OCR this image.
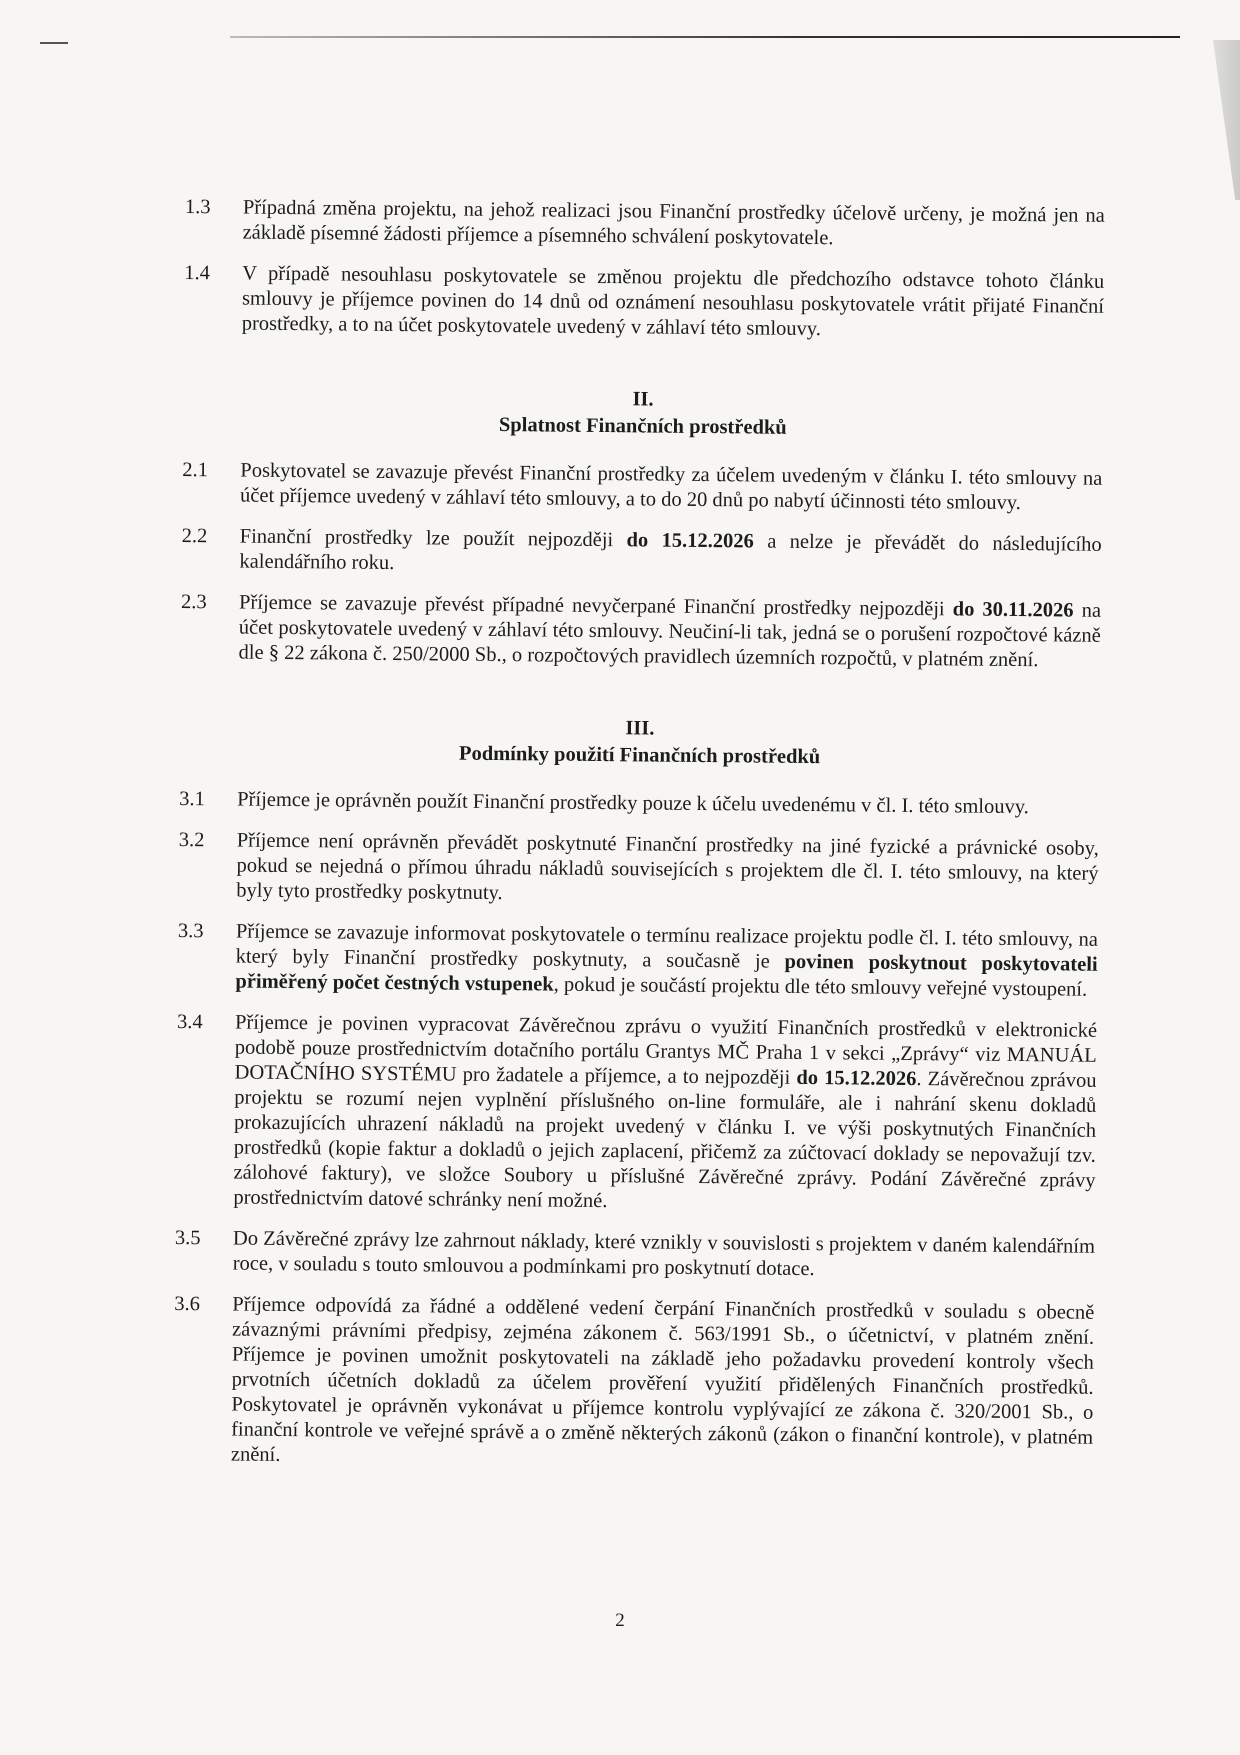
1.3	Případná změna projektu, na jehož realizaci jsou Finanční prostředky účelově určeny, je možná jen na základě písemné žádosti příjemce a písemného schválení poskytovatele.
1.4	V případě nesouhlasu poskytovatele se změnou projektu dle předchozího odstavce tohoto článku smlouvy je příjemce povinen do 14 dnů od oznámení nesouhlasu poskytovatele vrátit přijaté Finanční prostředky, a to na účet poskytovatele uvedený v záhlaví této smlouvy.
II.
Splatnost Finančních prostředků
2.1	Poskytovatel se zavazuje převést Finanční prostředky za účelem uvedeným v článku I. této smlouvy na účet příjemce uvedený v záhlaví této smlouvy, a to do 20 dnů po nabytí účinnosti této smlouvy.
2.2	Finanční prostředky lze použít nejpozději do 15.12.2026 a nelze je převádět do následujícího kalendářního roku.
2.3	Příjemce se zavazuje převést případné nevyčerpané Finanční prostředky nejpozději do 30.11.2026 na účet poskytovatele uvedený v záhlaví této smlouvy. Neučiní-li tak, jedná se o porušení rozpočtové kázně dle § 22 zákona č. 250/2000 Sb., o rozpočtových pravidlech územních rozpočtů, v platném znění.
III.
Podmínky použití Finančních prostředků
3.1	Příjemce je oprávněn použít Finanční prostředky pouze k účelu uvedenému v čl. I. této smlouvy.
3.2	Příjemce není oprávněn převádět poskytnuté Finanční prostředky na jiné fyzické a právnické osoby, pokud se nejedná o přímou úhradu nákladů souvisejících s projektem dle čl. I. této smlouvy, na který byly tyto prostředky poskytnuty.
3.3	Příjemce se zavazuje informovat poskytovatele o termínu realizace projektu podle čl. I. této smlouvy, na který byly Finanční prostředky poskytnuty, a současně je povinen poskytnout poskytovateli přiměřený počet čestných vstupenek, pokud je součástí projektu dle této smlouvy veřejné vystoupení.
3.4	Příjemce je povinen vypracovat Závěrečnou zprávu o využití Finančních prostředků v elektronické podobě pouze prostřednictvím dotačního portálu Grantys MČ Praha 1 v sekci „Zprávy“ viz MANUÁL DOTAČNÍHO SYSTÉMU pro žadatele a příjemce, a to nejpozději do 15.12.2026. Závěrečnou zprávou projektu se rozumí nejen vyplnění příslušného on-line formuláře, ale i nahrání skenu dokladů prokazujících uhrazení nákladů na projekt uvedený v článku I. ve výši poskytnutých Finančních prostředků (kopie faktur a dokladů o jejich zaplacení, přičemž za zúčtovací doklady se nepovažují tzv. zálohové faktury), ve složce Soubory u příslušné Závěrečné zprávy. Podání Závěrečné zprávy prostřednictvím datové schránky není možné.
3.5	Do Závěrečné zprávy lze zahrnout náklady, které vznikly v souvislosti s projektem v daném kalendářním roce, v souladu s touto smlouvou a podmínkami pro poskytnutí dotace.
3.6	Příjemce odpovídá za řádné a oddělené vedení čerpání Finančních prostředků v souladu s obecně závaznými právními předpisy, zejména zákonem č. 563/1991 Sb., o účetnictví, v platném znění. Příjemce je povinen umožnit poskytovateli na základě jeho požadavku provedení kontroly všech prvotních účetních dokladů za účelem prověření využití přidělených Finančních prostředků. Poskytovatel je oprávněn vykonávat u příjemce kontrolu vyplývající ze zákona č. 320/2001 Sb., o finanční kontrole ve veřejné správě a o změně některých zákonů (zákon o finanční kontrole), v platném znění.
2
